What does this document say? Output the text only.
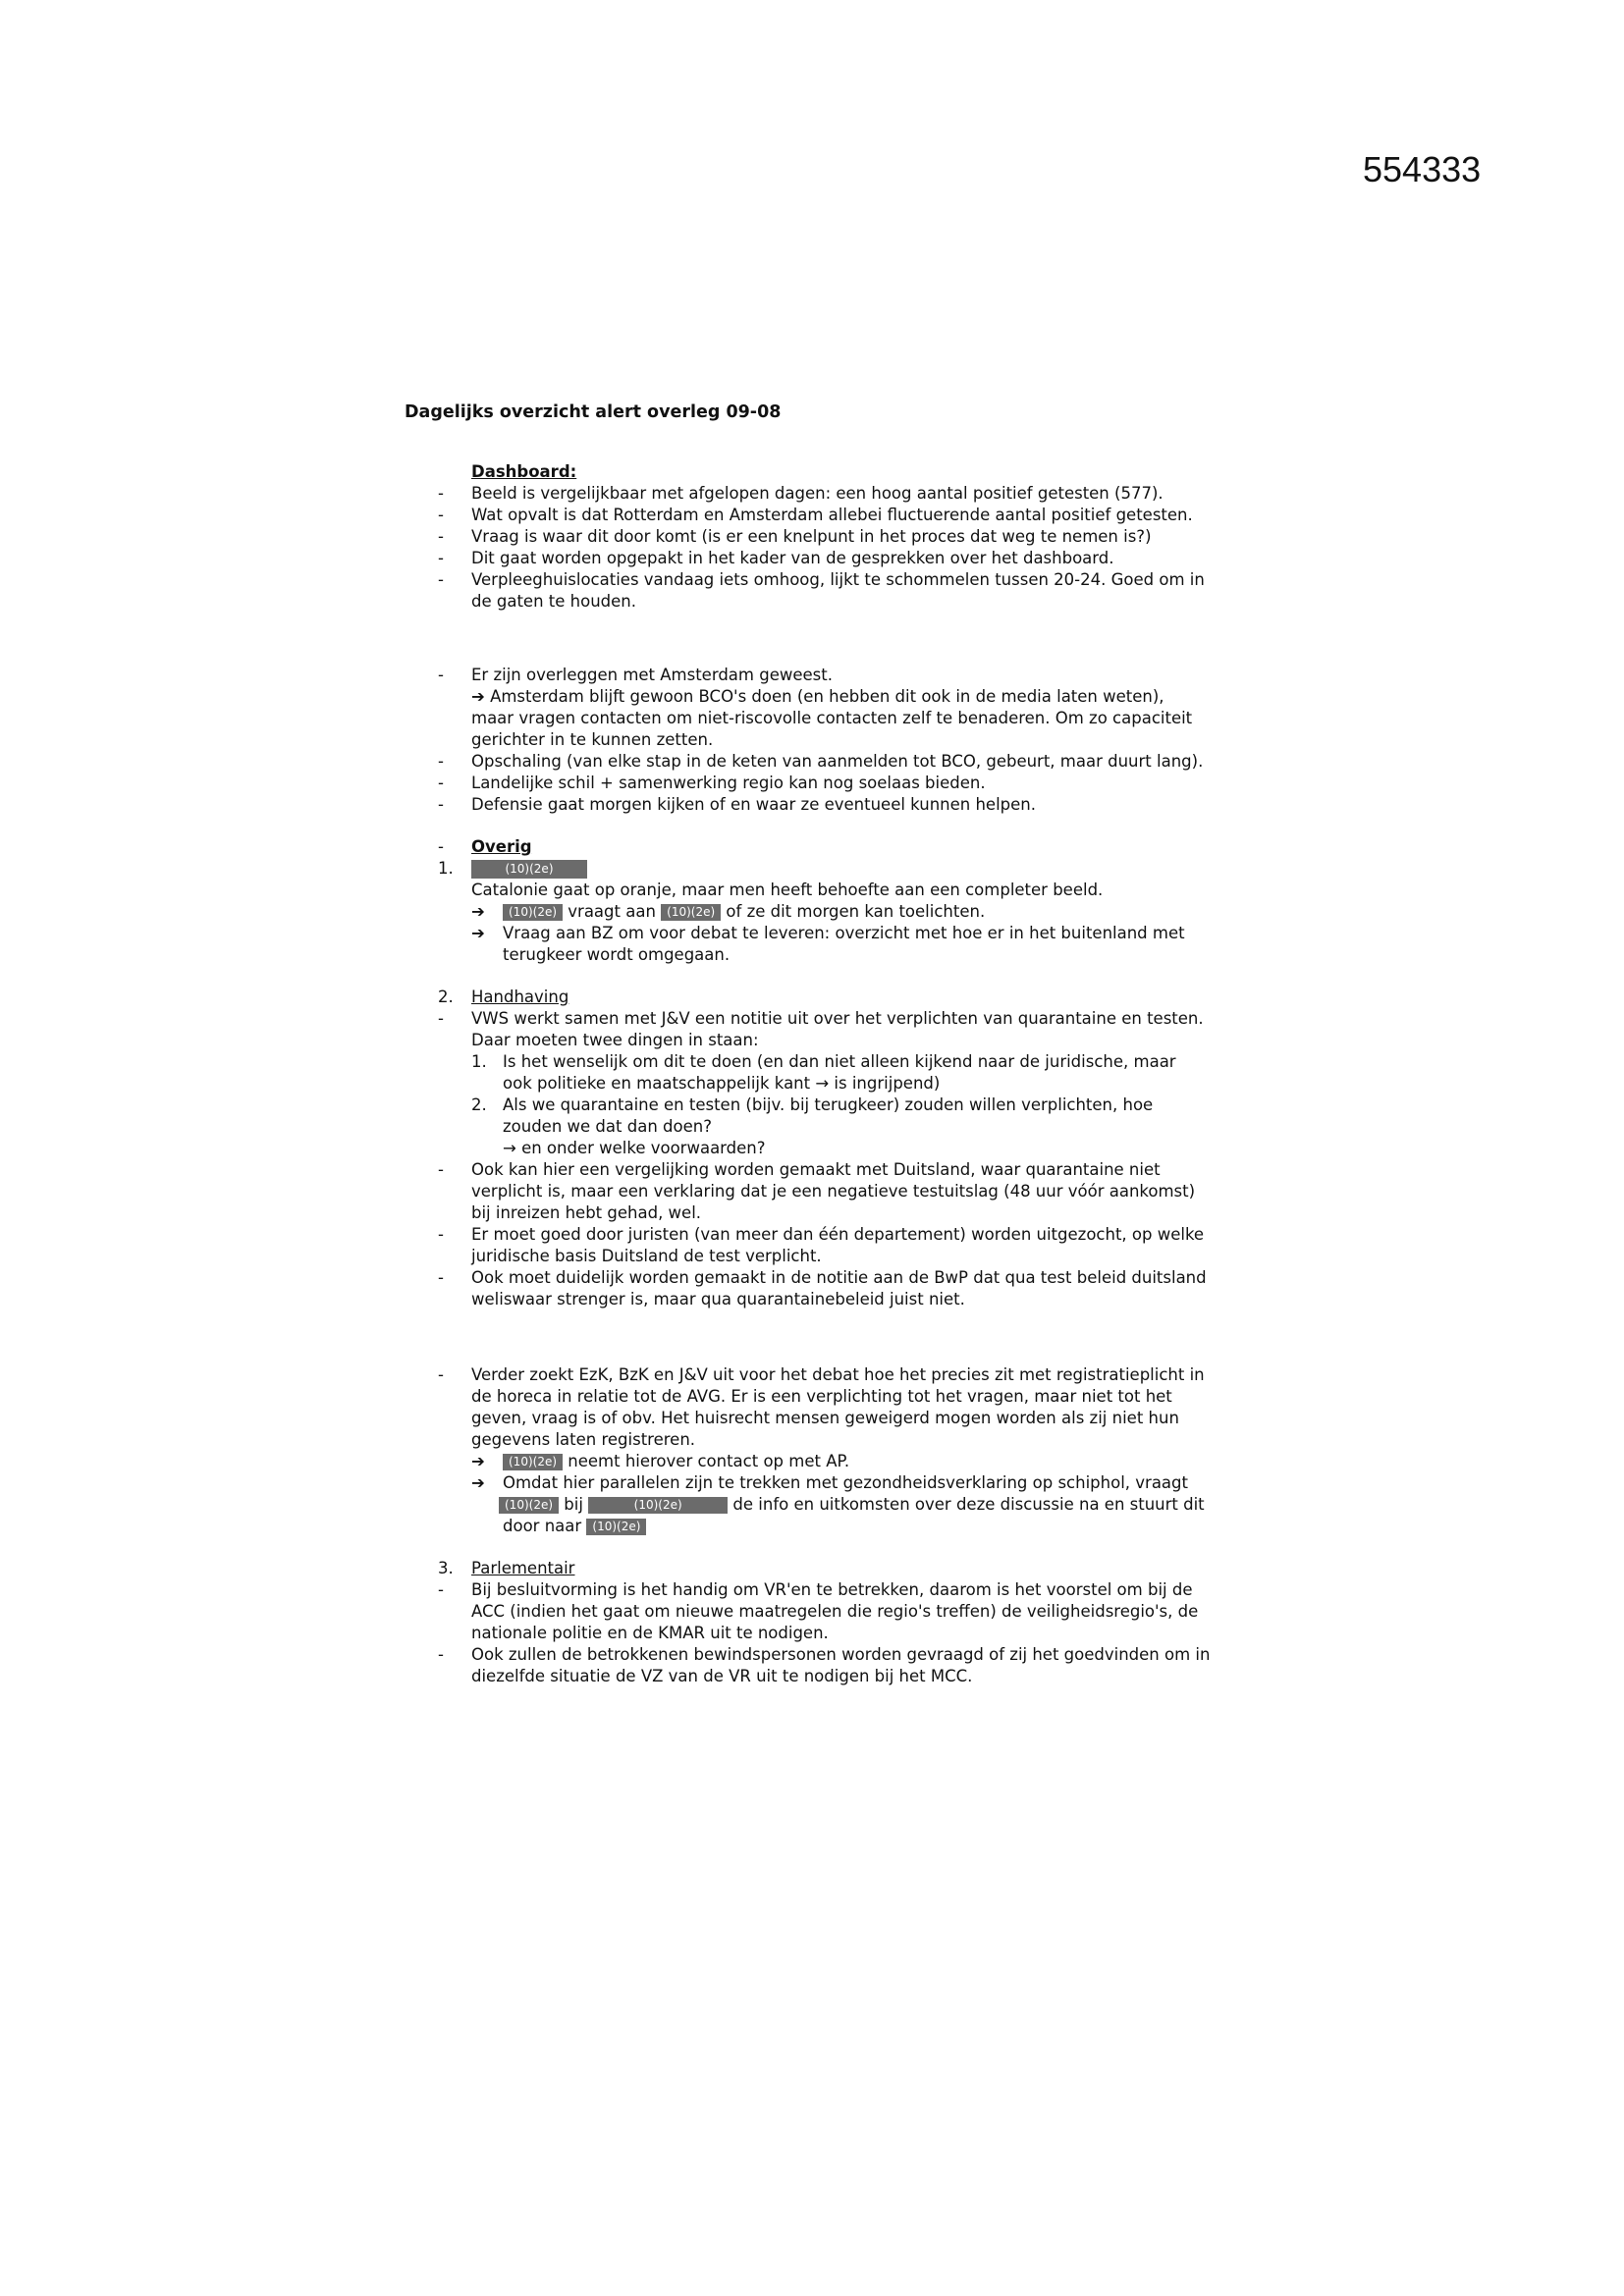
554333
Dagelijks overzicht alert overleg 09-08
Dashboard:
- Beeld is vergelijkbaar met afgelopen dagen: een hoog aantal positief getesten (577).
- Wat opvalt is dat Rotterdam en Amsterdam allebei fluctuerende aantal positief getesten.
- Vraag is waar dit door komt (is er een knelpunt in het proces dat weg te nemen is?)
- Dit gaat worden opgepakt in het kader van de gesprekken over het dashboard.
- Verpleeghuislocaties vandaag iets omhoog, lijkt te schommelen tussen 20-24. Goed om in
de gaten te houden.
- Er zijn overleggen met Amsterdam geweest.
➔ Amsterdam blijft gewoon BCO's doen (en hebben dit ook in de media laten weten),
maar vragen contacten om niet-riscovolle contacten zelf te benaderen. Om zo capaciteit
gerichter in te kunnen zetten.
- Opschaling (van elke stap in de keten van aanmelden tot BCO, gebeurt, maar duurt lang).
- Landelijke schil + samenwerking regio kan nog soelaas bieden.
- Defensie gaat morgen kijken of en waar ze eventueel kunnen helpen.
- Overig
1.	(10)(2e)
Catalonie gaat op oranje, maar men heeft behoefte aan een completer beeld.
➔	(10)(2e) vraagt aan (10)(2e) of ze dit morgen kan toelichten.
➔ Vraag aan BZ om voor debat te leveren: overzicht met hoe er in het buitenland met
terugkeer wordt omgegaan.
2. Handhaving
- VWS werkt samen met J&V een notitie uit over het verplichten van quarantaine en testen.
Daar moeten twee dingen in staan:
1. Is het wenselijk om dit te doen (en dan niet alleen kijkend naar de juridische, maar
ook politieke en maatschappelijk kant → is ingrijpend)
2. Als we quarantaine en testen (bijv. bij terugkeer) zouden willen verplichten, hoe
zouden we dat dan doen?
→ en onder welke voorwaarden?
- Ook kan hier een vergelijking worden gemaakt met Duitsland, waar quarantaine niet
verplicht is, maar een verklaring dat je een negatieve testuitslag (48 uur vóór aankomst)
bij inreizen hebt gehad, wel.
- Er moet goed door juristen (van meer dan één departement) worden uitgezocht, op welke
juridische basis Duitsland de test verplicht.
- Ook moet duidelijk worden gemaakt in de notitie aan de BwP dat qua test beleid duitsland
weliswaar strenger is, maar qua quarantainebeleid juist niet.
- Verder zoekt EzK, BzK en J&V uit voor het debat hoe het precies zit met registratieplicht in
de horeca in relatie tot de AVG. Er is een verplichting tot het vragen, maar niet tot het
geven, vraag is of obv. Het huisrecht mensen geweigerd mogen worden als zij niet hun
gegevens laten registreren.
➔	(10)(2e) neemt hierover contact op met AP.
➔ Omdat hier parallelen zijn te trekken met gezondheidsverklaring op schiphol, vraagt
(10)(2e) bij	(10)(2e)	de info en uitkomsten over deze discussie na en stuurt dit
door naar (10)(2e)
3. Parlementair
- Bij besluitvorming is het handig om VR'en te betrekken, daarom is het voorstel om bij de
ACC (indien het gaat om nieuwe maatregelen die regio's treffen) de veiligheidsregio's, de
nationale politie en de KMAR uit te nodigen.
- Ook zullen de betrokkenen bewindspersonen worden gevraagd of zij het goedvinden om in
diezelfde situatie de VZ van de VR uit te nodigen bij het MCC.
